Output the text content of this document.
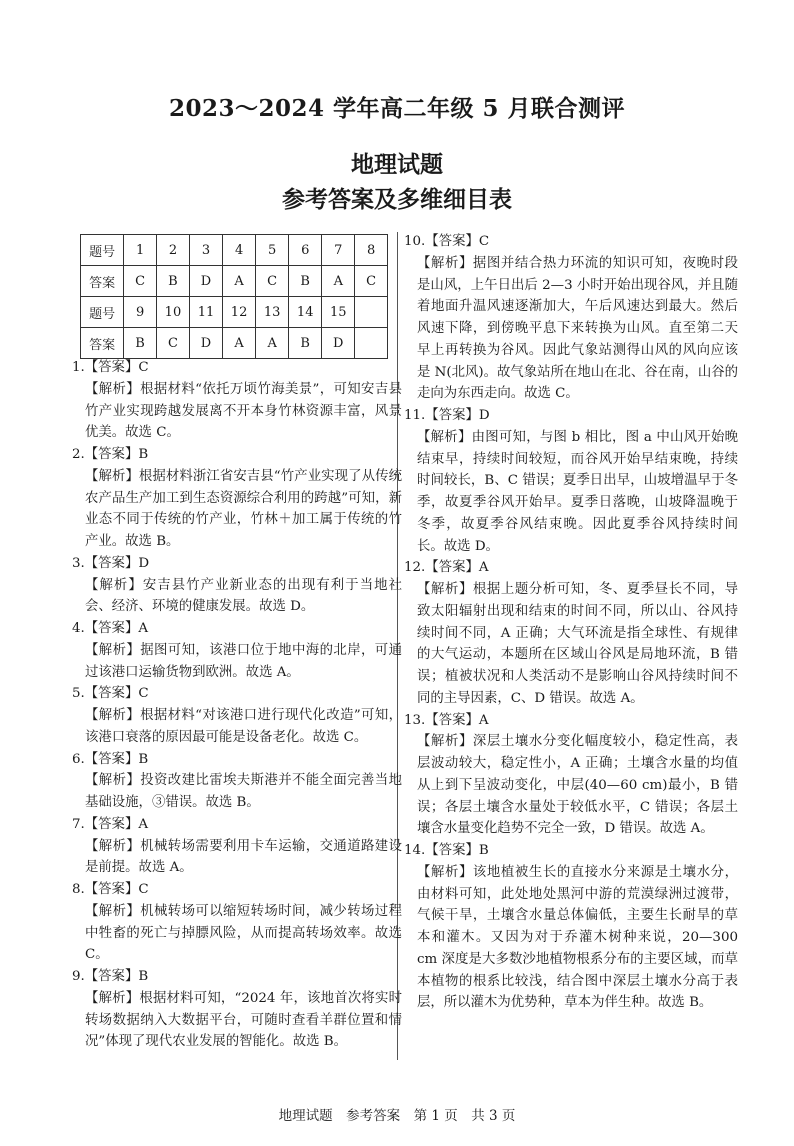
2023～2024 学年高二年级 5 月联合测评
地理试题
参考答案及多维细目表
题号	1	2	3	4	5	6	7	8
答案	C	B	D	A	C	B	A	C
题号	9	10	11	12	13	14	15	
答案	B	C	D	A	A	B	D	
1.【答案】C
【解析】根据材料“依托万顷竹海美景”，可知安吉县竹产业实现跨越发展离不开本身竹林资源丰富，风景优美。故选 C。
2.【答案】B
【解析】根据材料浙江省安吉县“竹产业实现了从传统农产品生产加工到生态资源综合利用的跨越”可知，新业态不同于传统的竹产业，竹林＋加工属于传统的竹产业。故选 B。
3.【答案】D
【解析】安吉县竹产业新业态的出现有利于当地社会、经济、环境的健康发展。故选 D。
4.【答案】A
【解析】据图可知，该港口位于地中海的北岸，可通过该港口运输货物到欧洲。故选 A。
5.【答案】C
【解析】根据材料“对该港口进行现代化改造”可知，该港口衰落的原因最可能是设备老化。故选 C。
6.【答案】B
【解析】投资改建比雷埃夫斯港并不能全面完善当地基础设施，③错误。故选 B。
7.【答案】A
【解析】机械转场需要利用卡车运输，交通道路建设是前提。故选 A。
8.【答案】C
【解析】机械转场可以缩短转场时间，减少转场过程中牲畜的死亡与掉膘风险，从而提高转场效率。故选 C。
9.【答案】B
【解析】根据材料可知，“2024 年，该地首次将实时转场数据纳入大数据平台，可随时查看羊群位置和情况”体现了现代农业发展的智能化。故选 B。
10.【答案】C
【解析】据图并结合热力环流的知识可知，夜晚时段是山风，上午日出后 2—3 小时开始出现谷风，并且随着地面升温风速逐渐加大，午后风速达到最大。然后风速下降，到傍晚平息下来转换为山风。直至第二天早上再转换为谷风。因此气象站测得山风的风向应该是 N(北风)。故气象站所在地山在北、谷在南，山谷的走向为东西走向。故选 C。
11.【答案】D
【解析】由图可知，与图 b 相比，图 a 中山风开始晚结束早，持续时间较短，而谷风开始早结束晚，持续时间较长，B、C 错误；夏季日出早，山坡增温早于冬季，故夏季谷风开始早。夏季日落晚，山坡降温晚于冬季，故夏季谷风结束晚。因此夏季谷风持续时间长。故选 D。
12.【答案】A
【解析】根据上题分析可知，冬、夏季昼长不同，导致太阳辐射出现和结束的时间不同，所以山、谷风持续时间不同，A 正确；大气环流是指全球性、有规律的大气运动，本题所在区域山谷风是局地环流，B 错误；植被状况和人类活动不是影响山谷风持续时间不同的主导因素，C、D 错误。故选 A。
13.【答案】A
【解析】深层土壤水分变化幅度较小，稳定性高，表层波动较大，稳定性小，A 正确；土壤含水量的均值从上到下呈波动变化，中层(40—60 cm)最小，B 错误；各层土壤含水量处于较低水平，C 错误；各层土壤含水量变化趋势不完全一致，D 错误。故选 A。
14.【答案】B
【解析】该地植被生长的直接水分来源是土壤水分，由材料可知，此处地处黑河中游的荒漠绿洲过渡带，气候干旱，土壤含水量总体偏低，主要生长耐旱的草本和灌木。又因为对于乔灌木树种来说，20—300 cm 深度是大多数沙地植物根系分布的主要区域，而草本植物的根系比较浅，结合图中深层土壤水分高于表层，所以灌木为优势种，草本为伴生种。故选 B。
地理试题　参考答案　第 1 页　共 3 页
